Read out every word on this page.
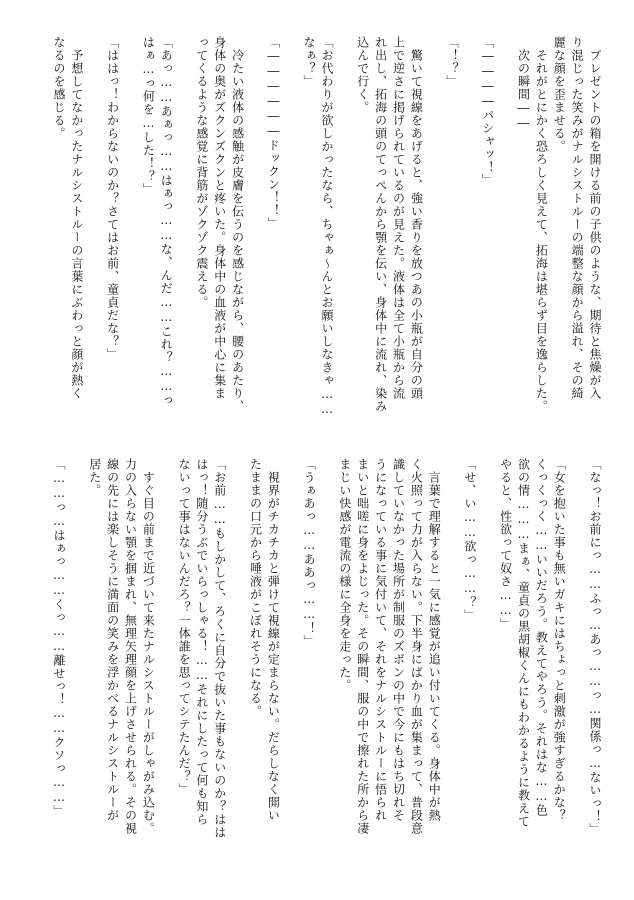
　プレゼントの箱を開ける前の子供のような、期待と焦燥が入
り混じった笑みがナルシストルーの端整な顔から溢れ、その綺
麗な顔を歪ませる。
　それがとにかく恐ろしく見えて、拓海は堪らず目を逸らした。
　次の瞬間――
「――――パシャッ！」
「！？」
　驚いて視線をあげると、強い香りを放つあの小瓶が自分の頭
上で逆さに掲げられているのが見えた。液体は全て小瓶から流
れ出し、拓海の頭のてっぺんから顎を伝い、身体中に流れ、染み
込んで行く。
「お代わりが欲しかったなら、ちゃぁ～んとお願いしなきゃ……
なぁ？」
「――――――ドックン！！」
　冷たい液体の感触が皮膚を伝うのを感じながら、腰のあたり、
身体の奥がズクンズクンと疼いた。身体中の血液が中心に集ま
ってくるような感覚に背筋がゾクゾク震える。
「あっ……あぁっ……はぁっ……な、んだ……これ？……っ
はぁ…っ何を…した！？」
「ははっ！わからないのか？さてはお前、童貞だな？」
　予想してなかったナルシストルーの言葉にぶわっと顔が熱く
なるのを感じる。
「なっ！お前にっ……ふっ…あっ……っ…関係っ…ないっ！」
「女を抱いた事も無いガキにはちょっと刺激が強すぎるかな？
くっくっく……いいだろう。教えてやろう。それはな……色
欲の情………まぁ、童貞の黒胡椒くんにもわかるように教えて
やると、性欲って奴さ……」
「せ、い……欲っ……？」
　言葉で理解すると一気に感覚が追い付いてくる。身体中が熱
く火照って力が入らない。下半身にばかり血が集まって、普段意
識していなかった場所が制服のズボンの中で今にもはち切れそ
うになっている事に気付いて、それをナルシストルーに悟られ
まいと咄嗟に身をよじった。その瞬間、服の中で擦れた所から凄
まじい快感が電流の様に全身を走った。
「うぁあっ……ああっ……！」
　視界がチカチカと弾けて視線が定まらない。だらしなく開い
たままの口元から唾液がこぼれそうになる。
「お前……もしかして、ろくに自分で抜いた事もないのか？はは
はっ！随分うぶでいらっしゃる！……それにしたって何も知ら
ないって事はないんだろ？一体誰を思ってシテたんだ？」
　すぐ目の前まで近づいて来たナルシストルーがしゃがみ込む。
力の入らない顎を掴まれ、無理矢理顔を上げさせられる。その視
線の先には楽しそうに満面の笑みを浮かべるナルシストルーが
居た。
「……っ…はぁっ……くっ……離せっ！……クソっ……」
